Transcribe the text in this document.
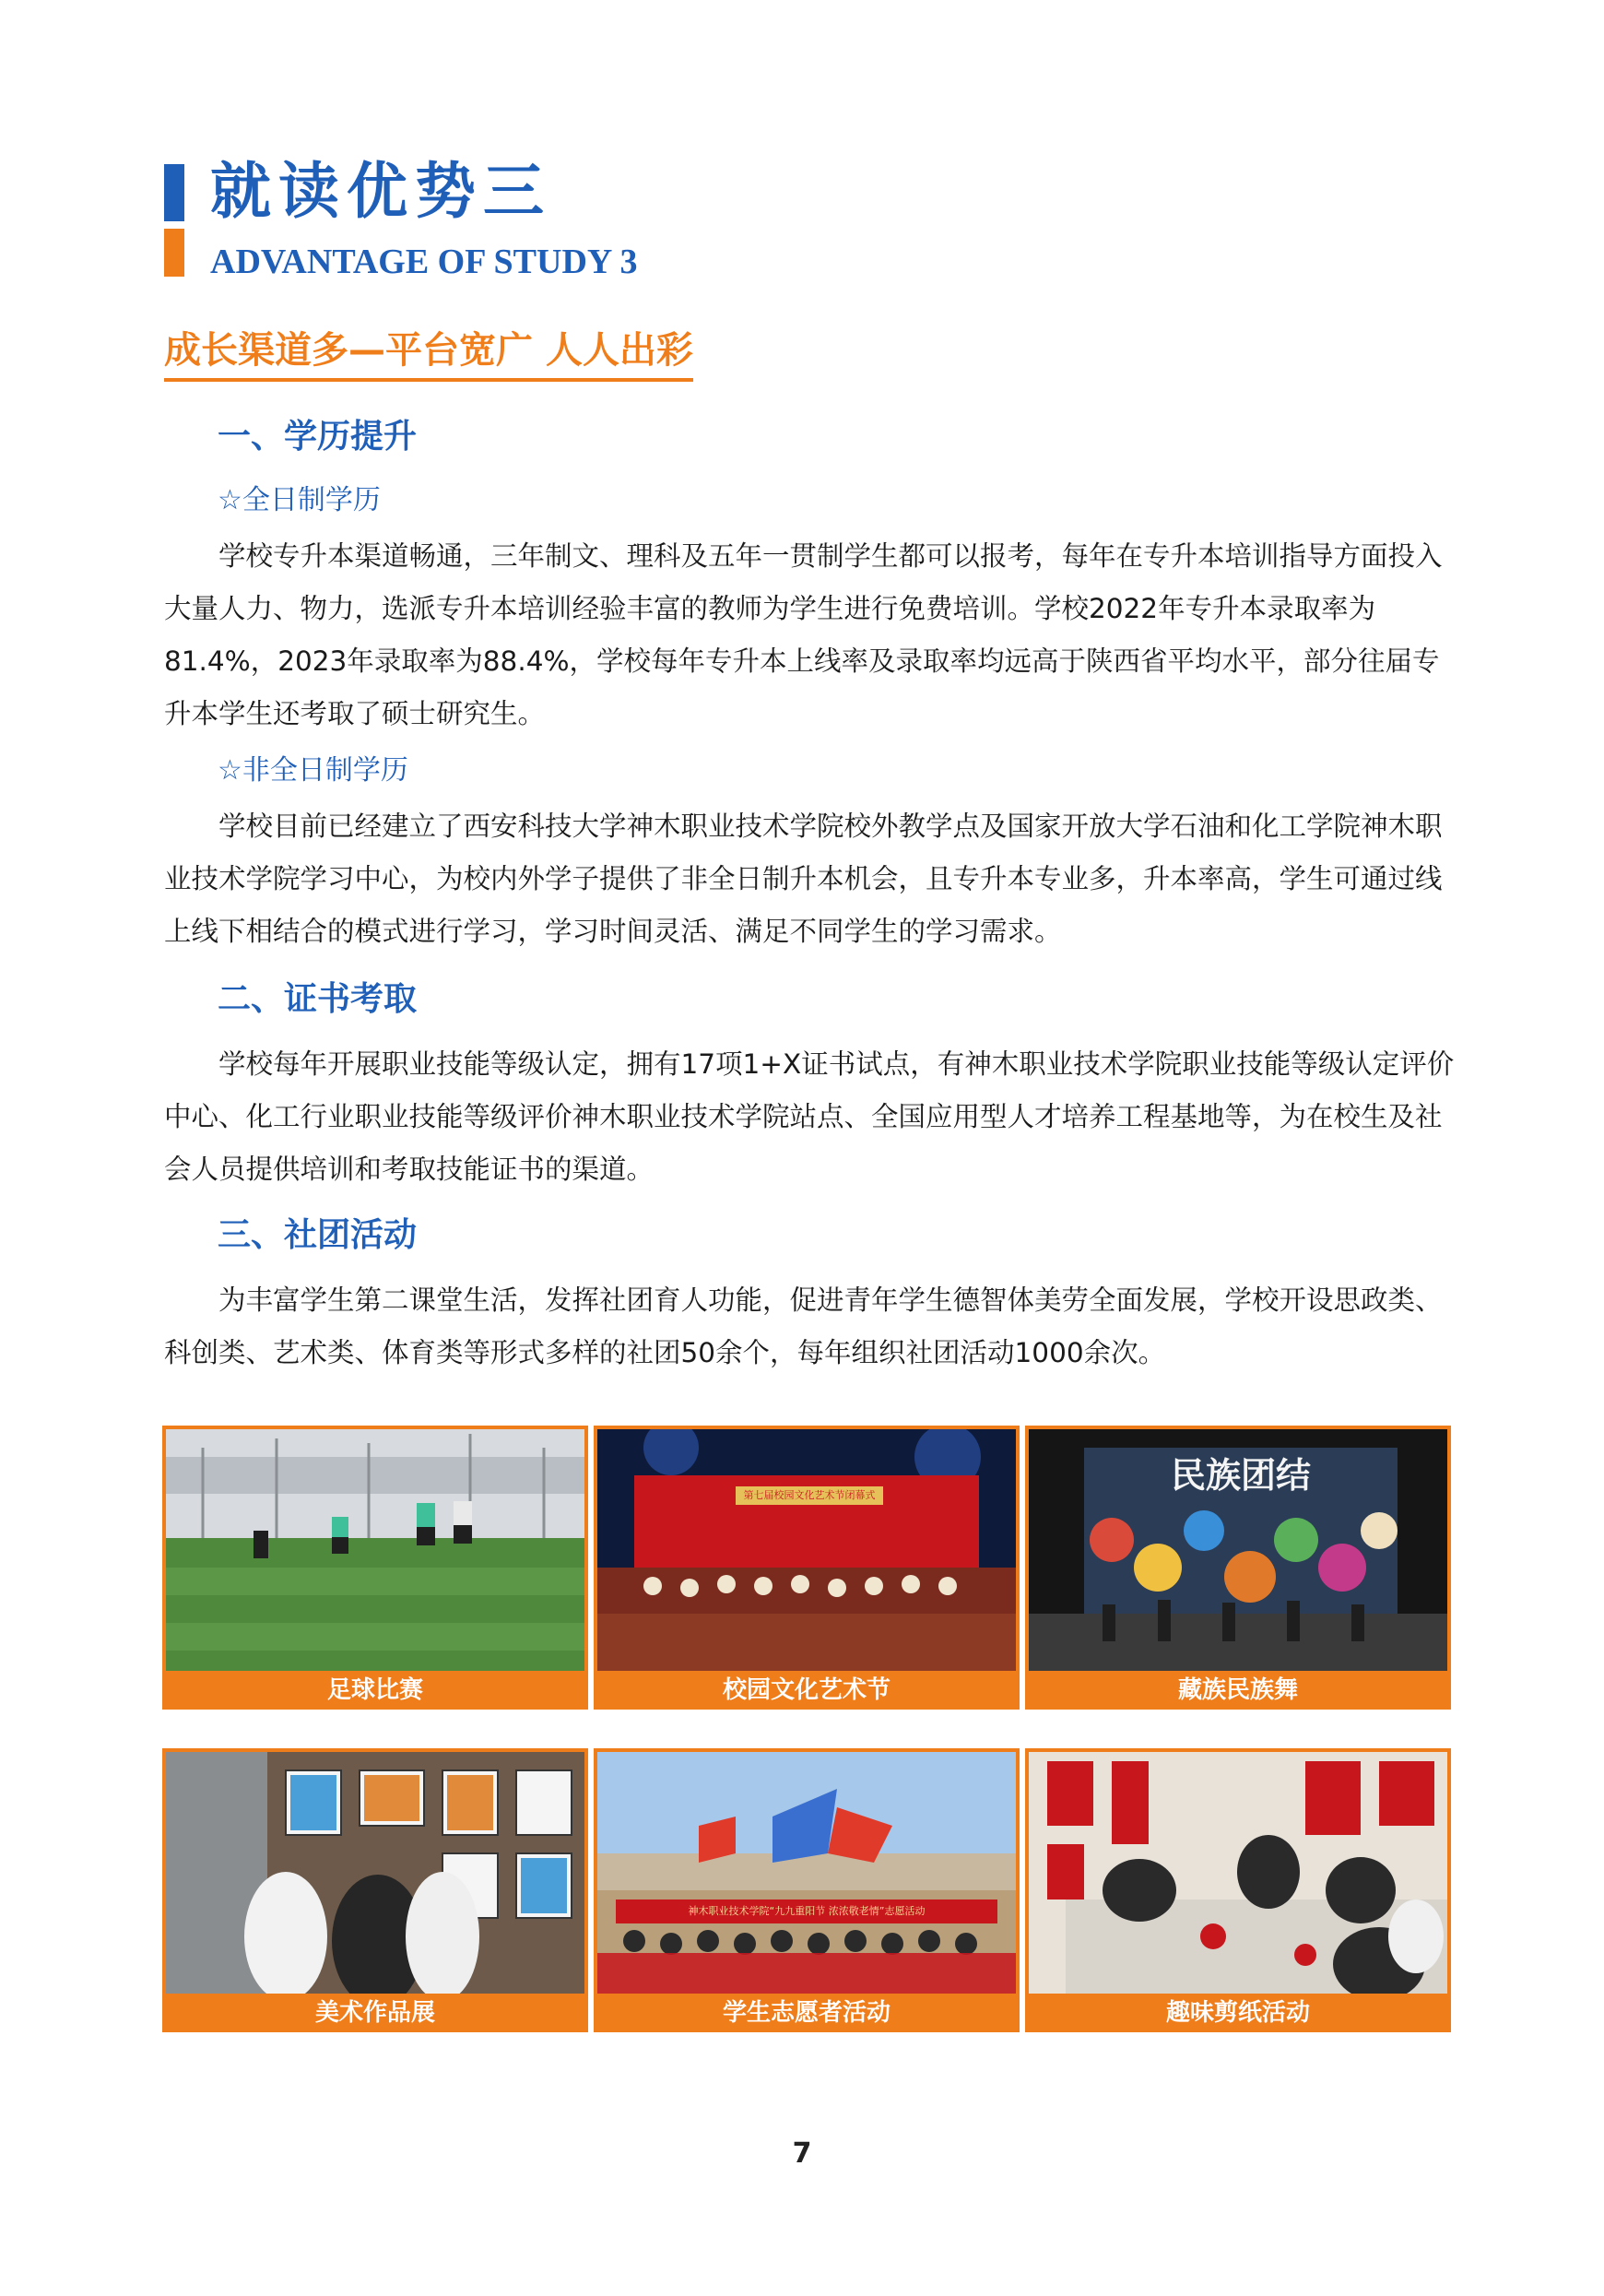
就读优势三
ADVANTAGE OF STUDY 3
成长渠道多—平台宽广 人人出彩
一、学历提升
☆全日制学历

学校专升本渠道畅通，三年制文、理科及五年一贯制学生都可以报考，每年在专升本培训指导方面投入大量人力、物力，选派专升本培训经验丰富的教师为学生进行免费培训。学校2022年专升本录取率为81.4%，2023年录取率为88.4%，学校每年专升本上线率及录取率均远高于陕西省平均水平，部分往届专升本学生还考取了硕士研究生。

☆非全日制学历

学校目前已经建立了西安科技大学神木职业技术学院校外教学点及国家开放大学石油和化工学院神木职业技术学院学习中心，为校内外学子提供了非全日制升本机会，且专升本专业多，升本率高，学生可通过线上线下相结合的模式进行学习，学习时间灵活、满足不同学生的学习需求。

二、证书考取

学校每年开展职业技能等级认定，拥有17项1+X证书试点，有神木职业技术学院职业技能等级认定评价中心、化工行业职业技能等级评价神木职业技术学院站点、全国应用型人才培养工程基地等，为在校生及社会人员提供培训和考取技能证书的渠道。

三、社团活动

为丰富学生第二课堂生活，发挥社团育人功能，促进青年学生德智体美劳全面发展，学校开设思政类、科创类、艺术类、体育类等形式多样的社团50余个，每年组织社团活动1000余次。

足球比赛
第七届校园文化艺术节闭幕式
校园文化艺术节
民族团结
藏族民族舞
美术作品展
神木职业技术学院“九九重阳节 浓浓敬老情”志愿活动
学生志愿者活动	趣味剪纸活动
7
